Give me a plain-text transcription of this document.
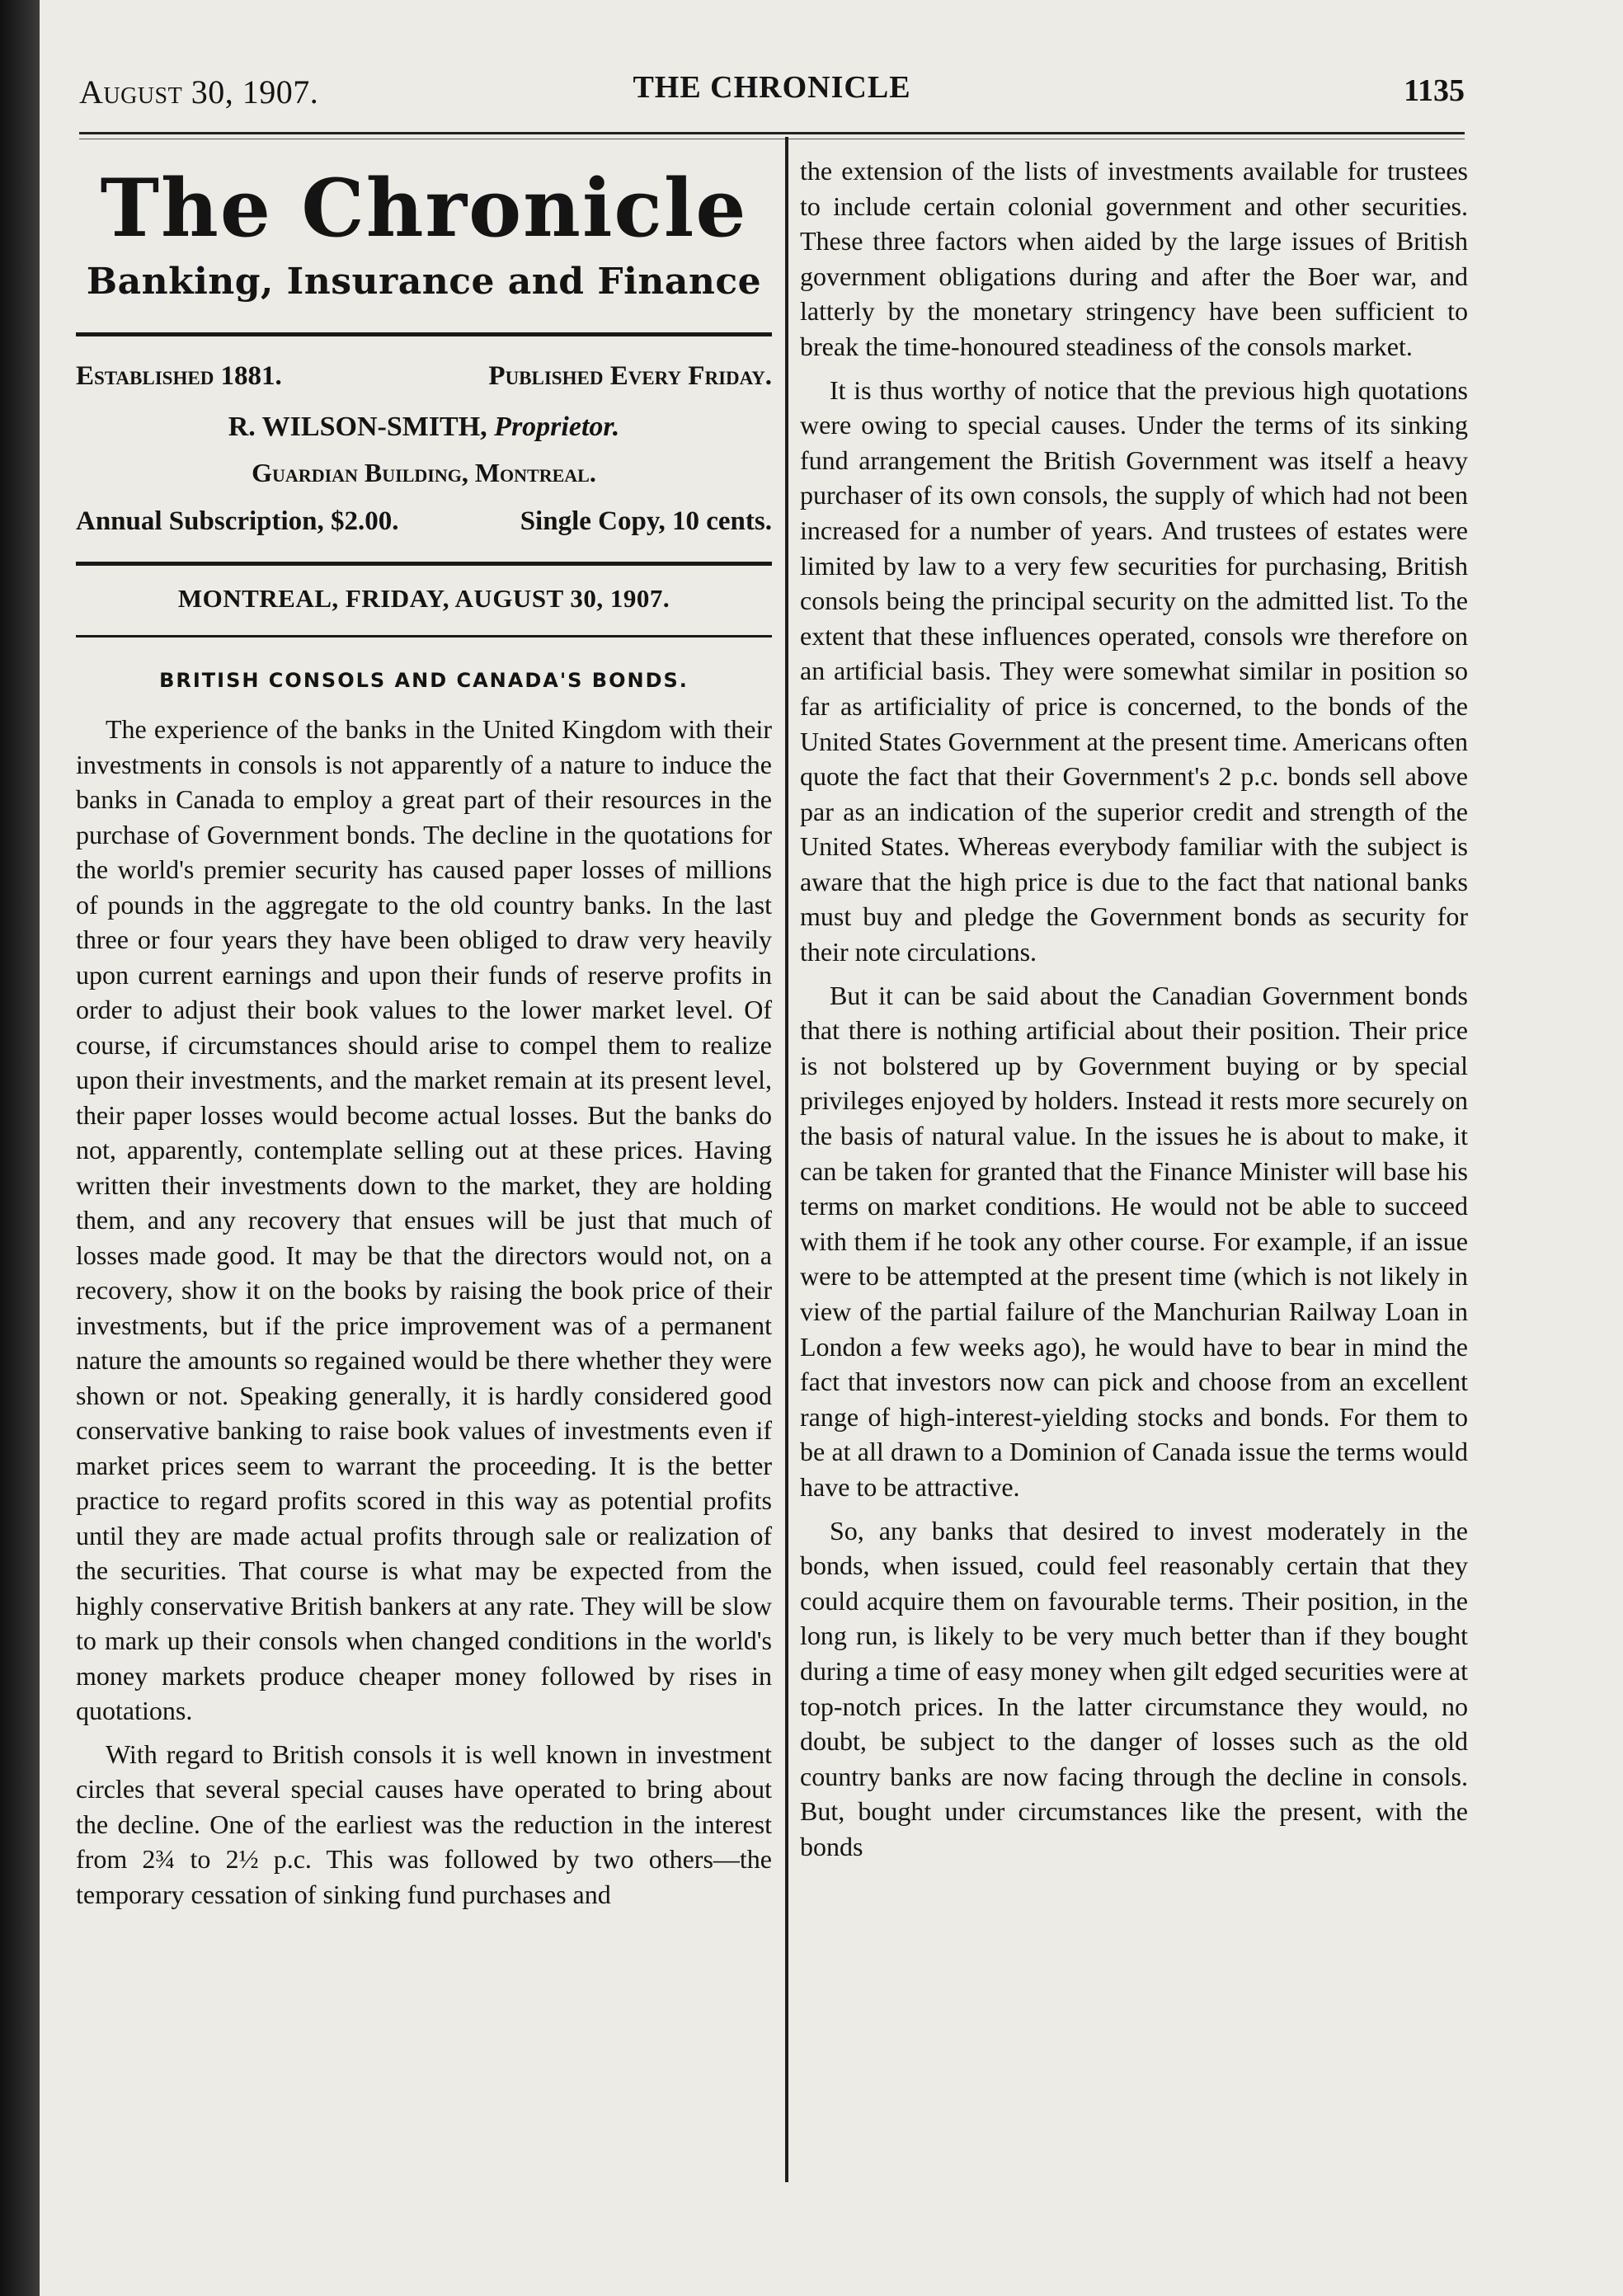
August 30, 1907.	THE CHRONICLE	1135
The Chronicle
Banking, Insurance and Finance
Established 1881.	Published Every Friday.
R. WILSON-SMITH, Proprietor.
Guardian Building, Montreal.
Annual Subscription, $2.00.	Single Copy, 10 cents.
MONTREAL, FRIDAY, AUGUST 30, 1907.
BRITISH CONSOLS AND CANADA'S BONDS.

The experience of the banks in the United Kingdom with their investments in consols is not apparently of a nature to induce the banks in Canada to employ a great part of their resources in the purchase of Government bonds. The decline in the quotations for the world's premier security has caused paper losses of millions of pounds in the aggregate to the old country banks. In the last three or four years they have been obliged to draw very heavily upon current earnings and upon their funds of reserve profits in order to adjust their book values to the lower market level. Of course, if circumstances should arise to compel them to realize upon their investments, and the market remain at its present level, their paper losses would become actual losses. But the banks do not, apparently, contemplate selling out at these prices. Having written their investments down to the market, they are holding them, and any recovery that ensues will be just that much of losses made good. It may be that the directors would not, on a recovery, show it on the books by raising the book price of their investments, but if the price improvement was of a permanent nature the amounts so regained would be there whether they were shown or not. Speaking generally, it is hardly considered good conservative banking to raise book values of investments even if market prices seem to warrant the proceeding. It is the better practice to regard profits scored in this way as potential profits until they are made actual profits through sale or realization of the securities. That course is what may be expected from the highly conservative British bankers at any rate. They will be slow to mark up their consols when changed conditions in the world's money markets produce cheaper money followed by rises in quotations.

With regard to British consols it is well known in investment circles that several special causes have operated to bring about the decline. One of the earliest was the reduction in the interest from 2¾ to 2½ p.c. This was followed by two others—the temporary cessation of sinking fund purchases and

the extension of the lists of investments available for trustees to include certain colonial government and other securities. These three factors when aided by the large issues of British government obligations during and after the Boer war, and latterly by the monetary stringency have been sufficient to break the time-honoured steadiness of the consols market.

It is thus worthy of notice that the previous high quotations were owing to special causes. Under the terms of its sinking fund arrangement the British Government was itself a heavy purchaser of its own consols, the supply of which had not been increased for a number of years. And trustees of estates were limited by law to a very few securities for purchasing, British consols being the principal security on the admitted list. To the extent that these influences operated, consols wre therefore on an artificial basis. They were somewhat similar in position so far as artificiality of price is concerned, to the bonds of the United States Government at the present time. Americans often quote the fact that their Government's 2 p.c. bonds sell above par as an indication of the superior credit and strength of the United States. Whereas everybody familiar with the subject is aware that the high price is due to the fact that national banks must buy and pledge the Government bonds as security for their note circulations.

But it can be said about the Canadian Government bonds that there is nothing artificial about their position. Their price is not bolstered up by Government buying or by special privileges enjoyed by holders. Instead it rests more securely on the basis of natural value. In the issues he is about to make, it can be taken for granted that the Finance Minister will base his terms on market conditions. He would not be able to succeed with them if he took any other course. For example, if an issue were to be attempted at the present time (which is not likely in view of the partial failure of the Manchurian Railway Loan in London a few weeks ago), he would have to bear in mind the fact that investors now can pick and choose from an excellent range of high-interest-yielding stocks and bonds. For them to be at all drawn to a Dominion of Canada issue the terms would have to be attractive.

So, any banks that desired to invest moderately in the bonds, when issued, could feel reasonably certain that they could acquire them on favourable terms. Their position, in the long run, is likely to be very much better than if they bought during a time of easy money when gilt edged securities were at top-notch prices. In the latter circumstance they would, no doubt, be subject to the danger of losses such as the old country banks are now facing through the decline in consols. But, bought under circumstances like the present, with the bonds
